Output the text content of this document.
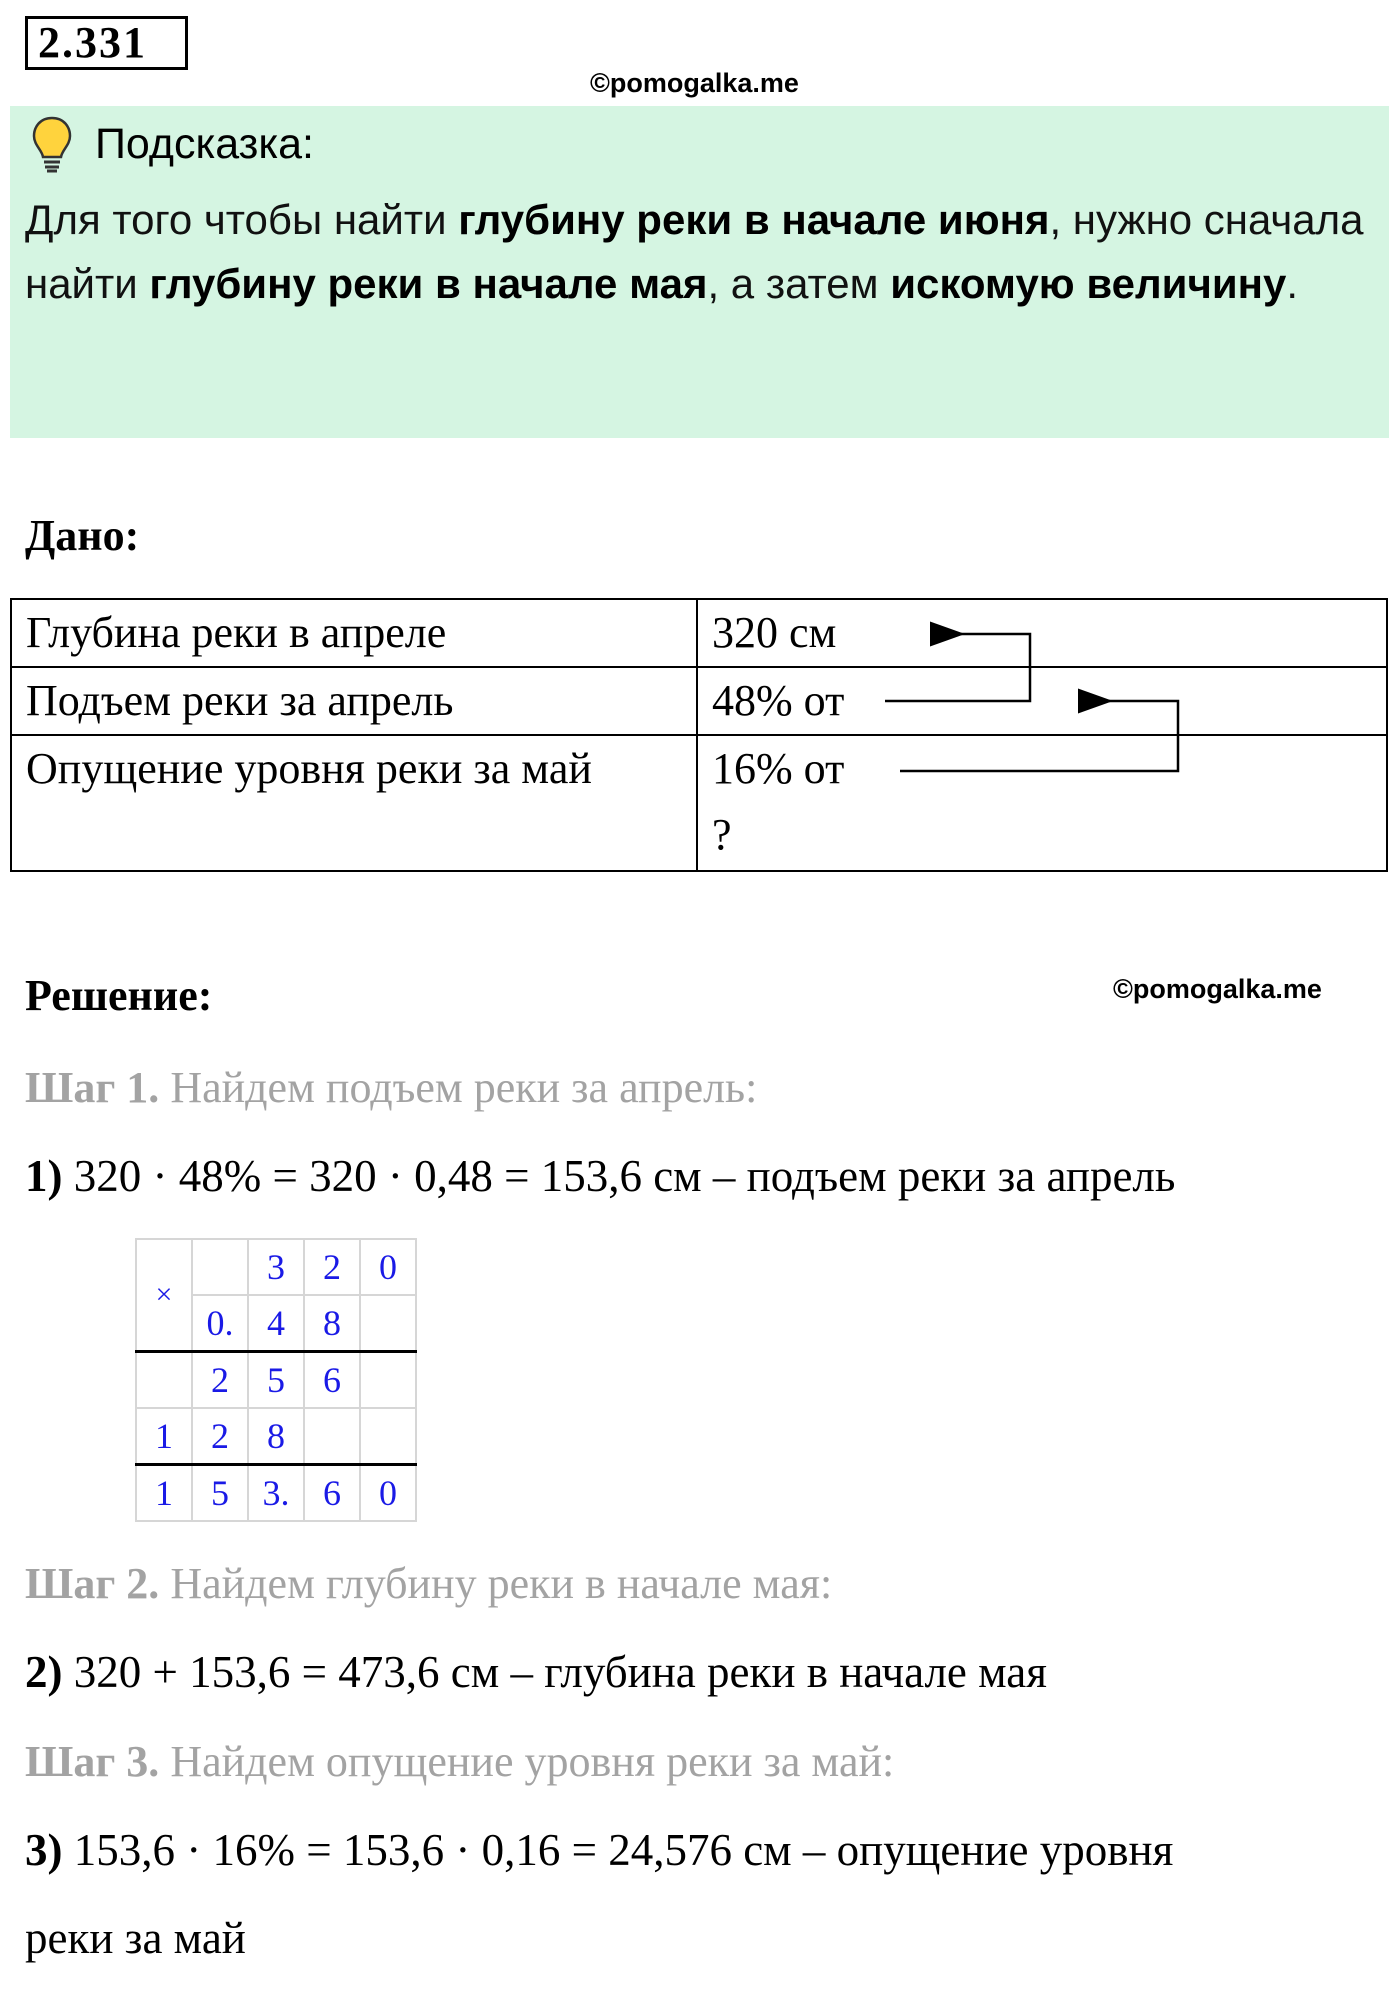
2.331
©pomogalka.me
Подсказка:
Для того чтобы найти глубину реки в начале июня, нужно сначала найти глубину реки в начале мая, а затем искомую величину.
Дано:
Глубина реки в апреле	320 см
Подъем реки за апрель	48% от
Опущение уровня реки за май	16% от
?
Решение:	©pomogalka.me
Шаг 1. Найдем подъем реки за апрель:
1) 320 · 48% = 320 · 0,48 = 153,6 см – подъем реки за апрель
×		3	2	0
	0.	4	8	
	2	5	6	
1	2	8		
1	5	3.	6	0
Шаг 2. Найдем глубину реки в начале мая:
2) 320 + 153,6 = 473,6 см – глубина реки в начале мая
Шаг 3. Найдем опущение уровня реки за май:
3) 153,6 · 16% = 153,6 · 0,16 = 24,576 см – опущение уровня
реки за май
